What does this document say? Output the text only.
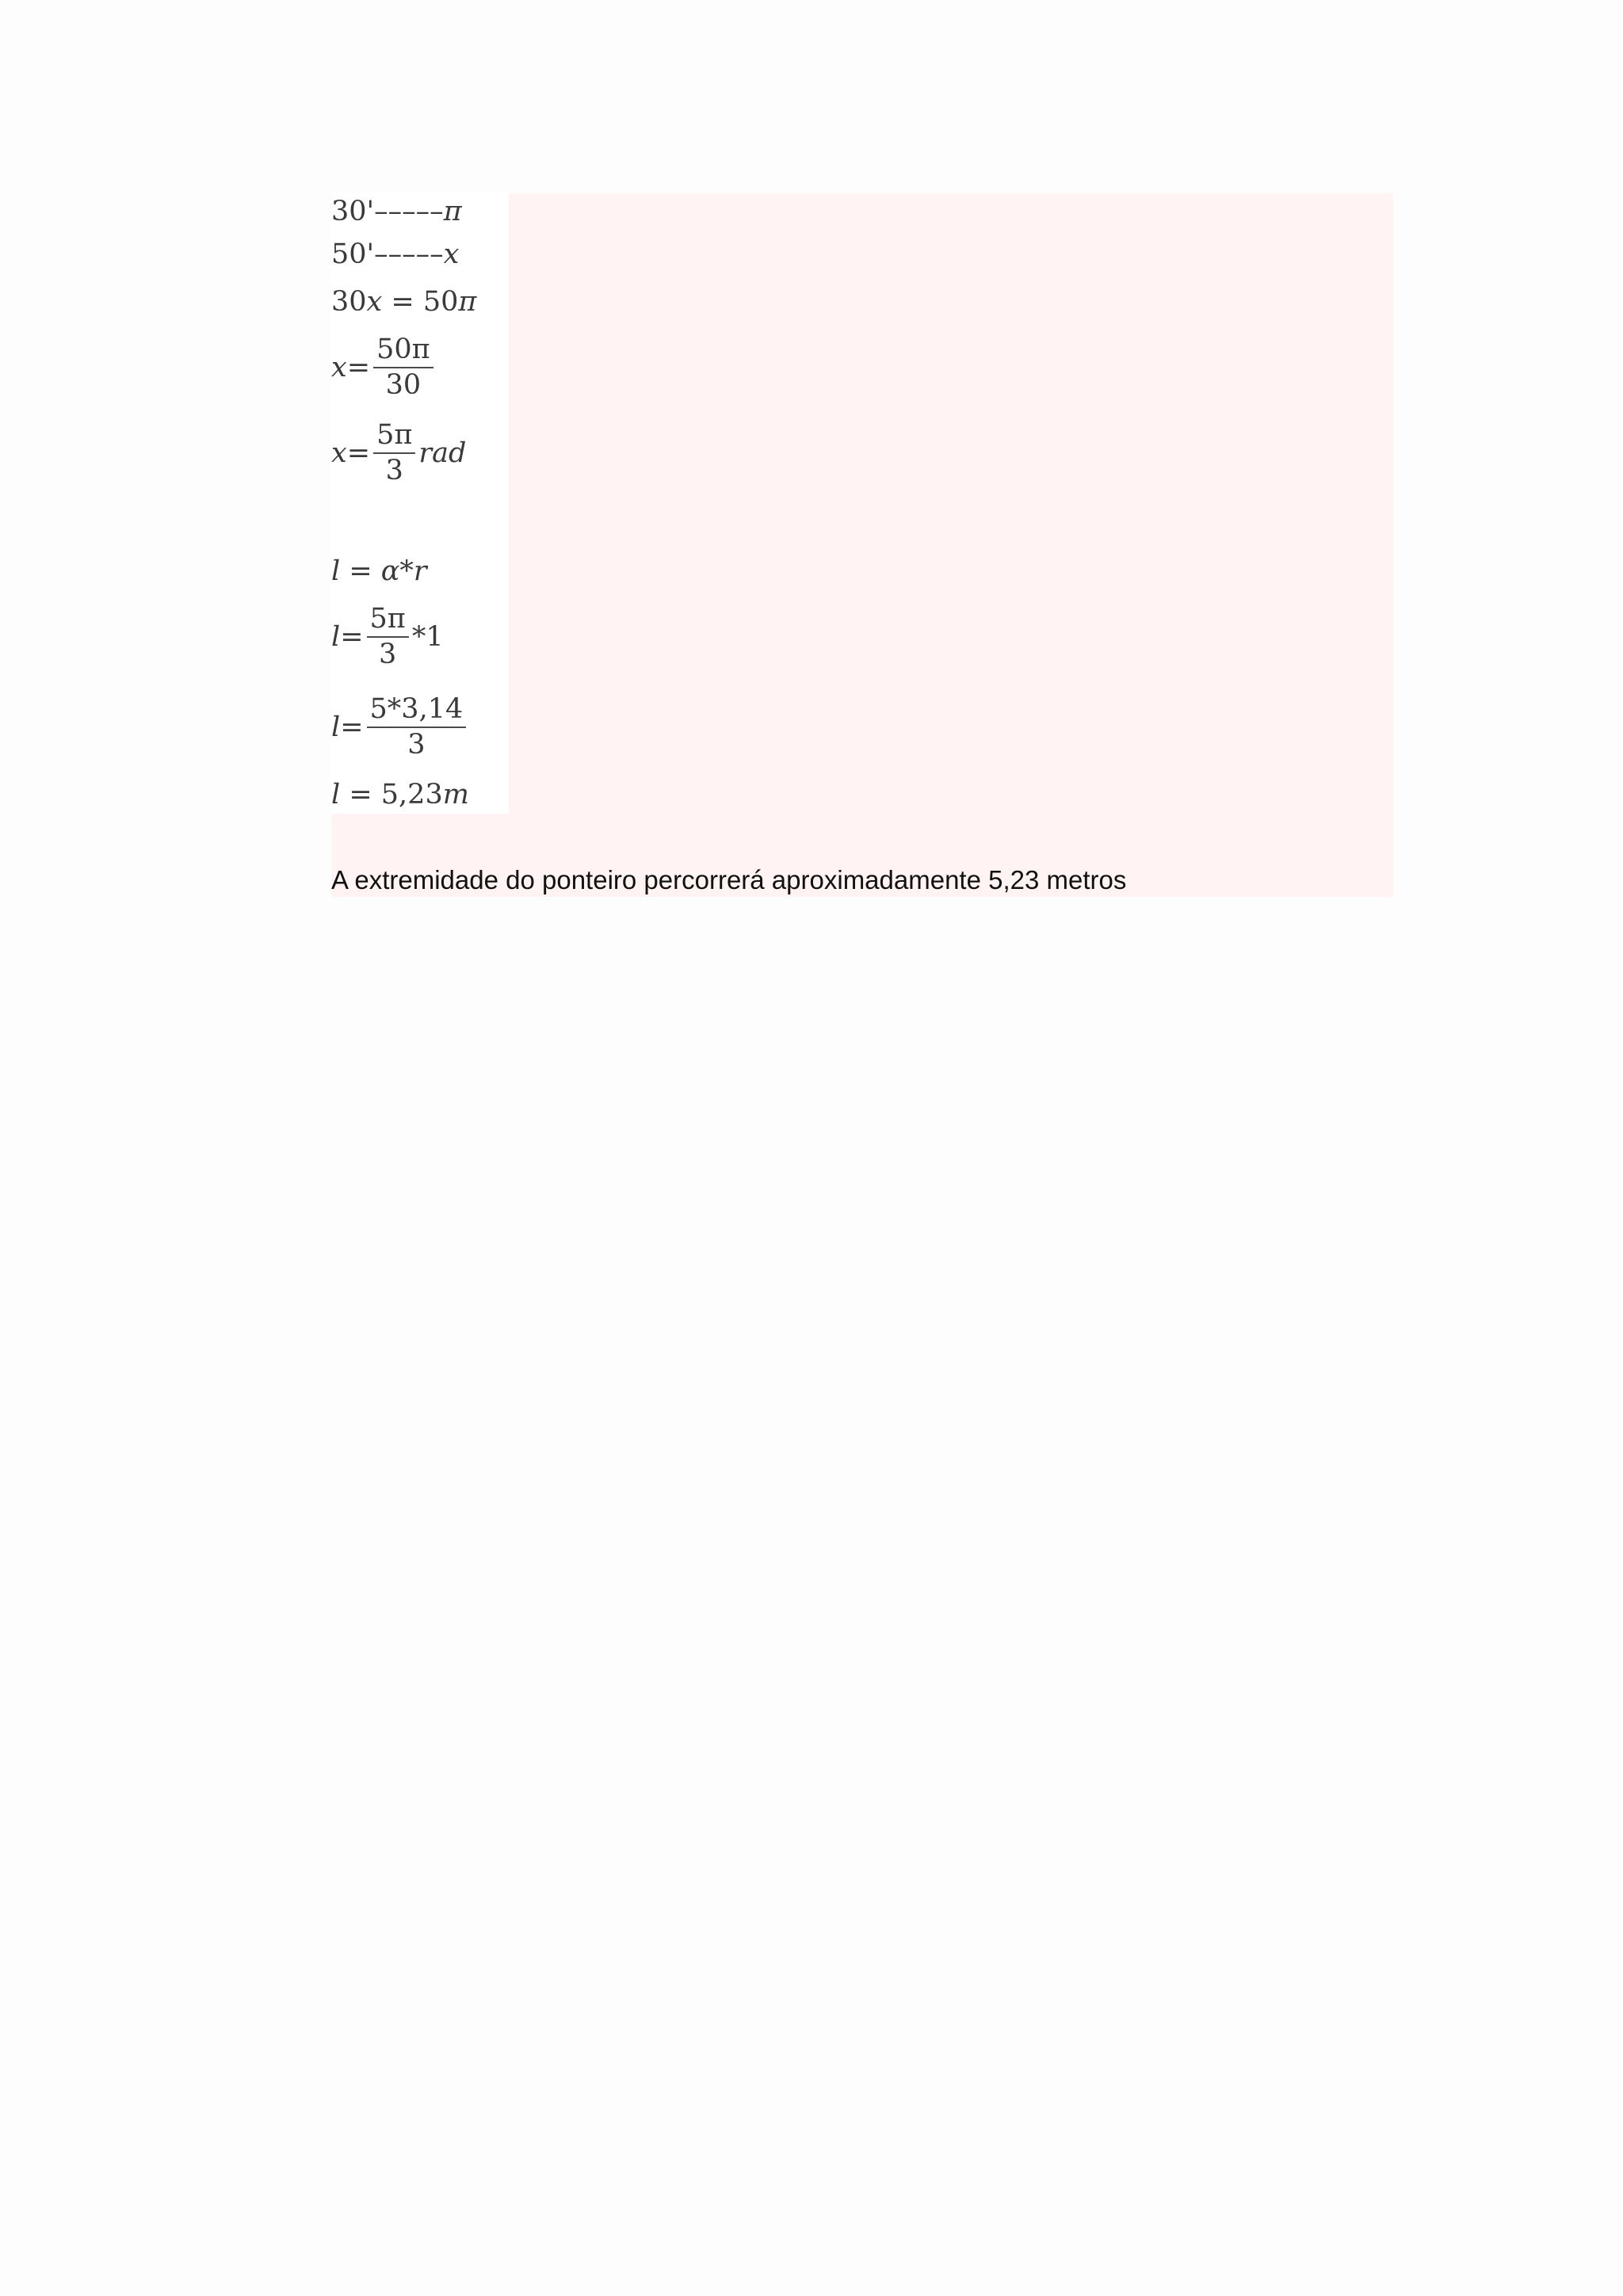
30'–––––π
50'–––––x
30x = 50π
$x = \frac{50\pi}{30}$
$x = \frac{5\pi}{3}$ rad
l = α*r
$l = \frac{5\pi}{3} *1$
$l = \frac{5*3,14}{3}$
l = 5,23m
A extremidade do ponteiro percorrerá aproximadamente 5,23 metros
